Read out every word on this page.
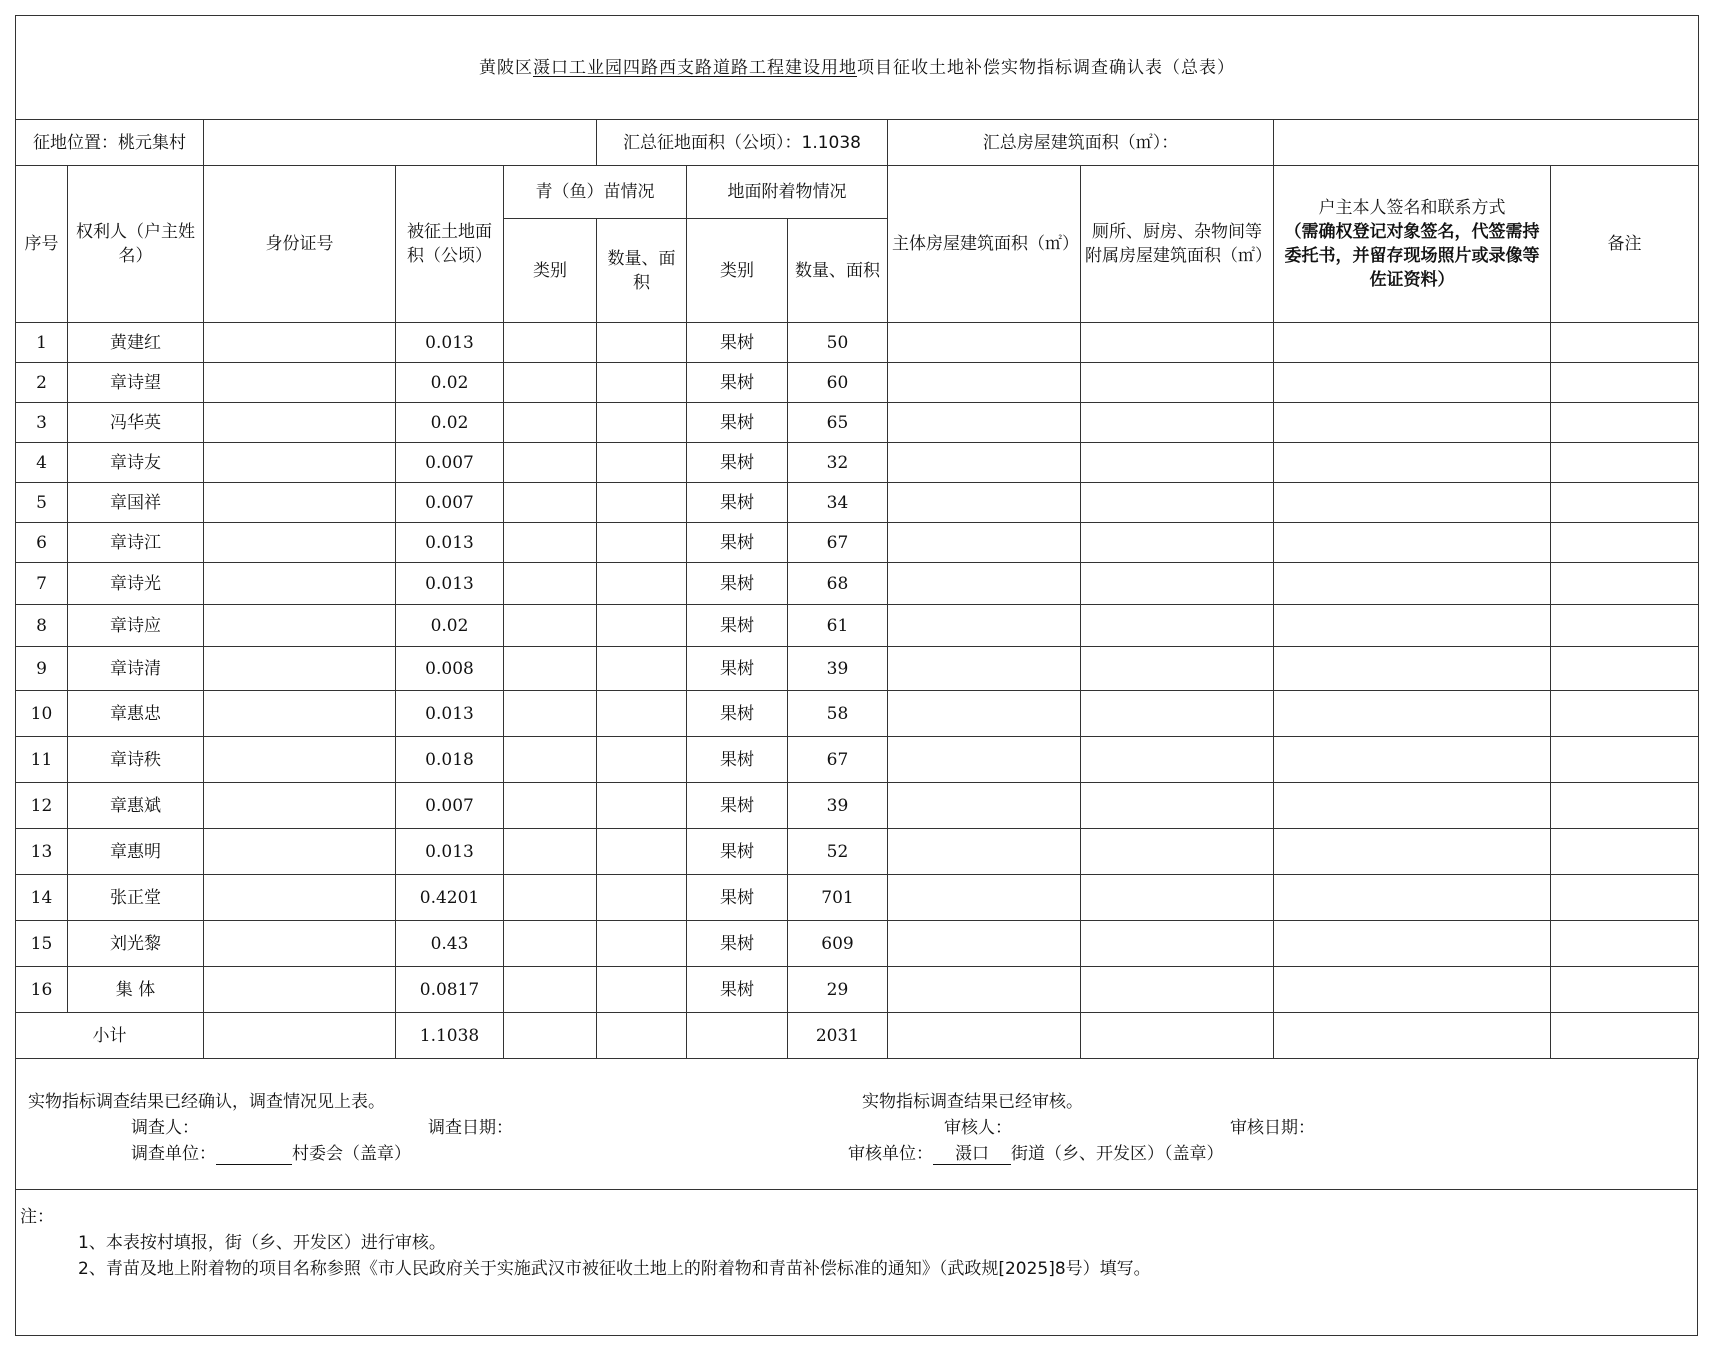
黄陂区滠口工业园四路西支路道路工程建设用地项目征收土地补偿实物指标调查确认表（总表）											
征地位置：桃元集村					汇总征地面积（公顷）：1.1038			汇总房屋建筑面积（㎡）：			
序号	权利人（户主姓名）	身份证号	被征土地面积（公顷）	青（鱼）苗情况		地面附着物情况		主体房屋建筑面积（㎡）	厕所、厨房、杂物间等附属房屋建筑面积（㎡）	户主本人签名和联系方式
（需确权登记对象签名，代签需持委托书，并留存现场照片或录像等佐证资料）	备注
				类别	数量、面积	类别	数量、面积				
1	黄建红		0.013			果树	50				
2	章诗望		0.02			果树	60				
3	冯华英		0.02			果树	65				
4	章诗友		0.007			果树	32				
5	章国祥		0.007			果树	34				
6	章诗江		0.013			果树	67				
7	章诗光		0.013			果树	68				
8	章诗应		0.02			果树	61				
9	章诗清		0.008			果树	39				
10	章惠忠		0.013			果树	58				
11	章诗秩		0.018			果树	67				
12	章惠斌		0.007			果树	39				
13	章惠明		0.013			果树	52				
14	张正堂		0.4201			果树	701				
15	刘光黎		0.43			果树	609				
16	集 体		0.0817			果树	29				
小计			1.1038				2031				
实物指标调查结果已经确认，调查情况见上表。
调查人：	调查日期：
调查单位：	村委会（盖章）
实物指标调查结果已经审核。
审核人：	审核日期：
审核单位： 滠口 街道（乡、开发区）（盖章）
注：
1、本表按村填报，街（乡、开发区）进行审核。
2、青苗及地上附着物的项目名称参照《市人民政府关于实施武汉市被征收土地上的附着物和青苗补偿标准的通知》（武政规[2025]8号）填写。
